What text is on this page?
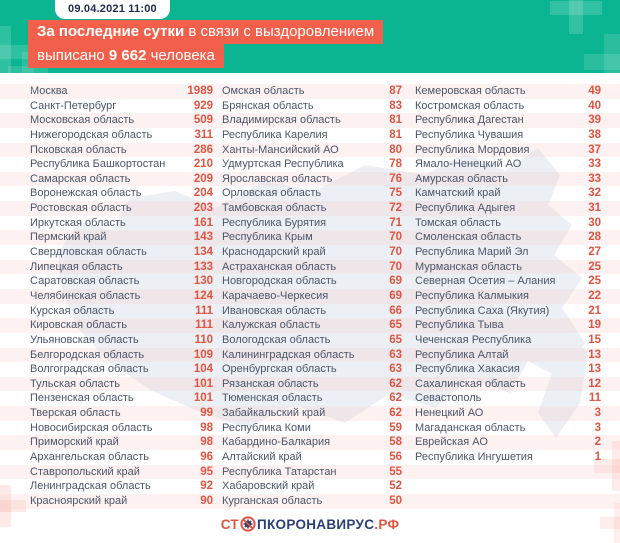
Москва	1989 Омская область	87 Кемеровская область	49
Санкт-Петербург	929 Брянская область	83 Костромская область	40
Московская область	509 Владимирская область	81 Республика Дагестан	39
Нижегородская область	311 Республика Карелия	81 Республика Чувашия	38
Псковская область	286 Ханты-Мансийский АО	80 Республика Мордовия	37
Республика Башкортостан	210 Удмуртская Республика	78 Ямало-Ненецкий АО	33
Самарская область	209 Ярославская область	76 Амурская область	33
Воронежская область	204 Орловская область	75 Камчатский край	32
Ростовская область	203 Тамбовская область	72 Республика Адыгея	31
Иркутская область	161 Республика Бурятия	71 Томская область	30
Пермский край	143 Республика Крым	70 Смоленская область	28
Свердловская область	134 Краснодарский край	70 Республика Марий Эл	27
Липецкая область	133 Астраханская область	70 Мурманская область	25
Саратовская область	130 Новгородская область	69 Северная Осетия – Алания	25
Челябинская область	124 Карачаево-Черкесия	69 Республика Калмыкия	22
Курская область	111 Ивановская область	66 Республика Саха (Якутия)	21
Кировская область	111 Калужская область	65 Республика Тыва	19
Ульяновская область	110 Вологодская область	65 Чеченская Республика	15
Белгородская область	109 Калининградская область	63 Республика Алтай	13
Волгоградская область	104 Оренбургская область	63 Республика Хакасия	13
Тульская область	101 Рязанская область	62 Сахалинская область	12
Пензенская область	101 Тюменская область	62 Севастополь	11
Тверская область	99 Забайкальский край	62 Ненецкий АО	3
Новосибирская область	98 Республика Коми	59 Магаданская область	3
Приморский край	98 Кабардино-Балкария	58 Еврейская АО	2
Архангельская область	96 Алтайский край	56 Республика Ингушетия	1
Ставропольский край	95 Республика Татарстан	55
Ленинградская область	92 Хабаровский край	52
Красноярский край	90 Курганская область	50
09.04.2021 11:00
За последние сутки в связи с выздоровлением
выписано 9 662 человека
СТ ПКОРОНАВИРУС .РФ
